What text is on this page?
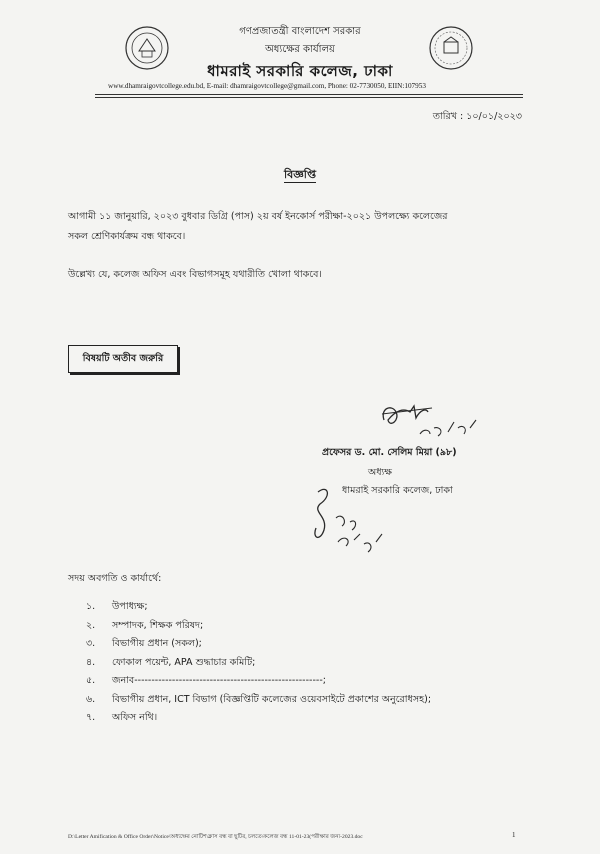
গণপ্রজাতন্ত্রী বাংলাদেশ সরকার
অধ্যক্ষের কার্যালয়
ধামরাই সরকারি কলেজ, ঢাকা
www.dhamraigovtcollege.edu.bd, E-mail: dhamraigovtcollege@gmail.com, Phone: 02-7730050, EIIN:107953
তারিখ : ১০/০১/২০২৩
বিজ্ঞপ্তি
আগামী ১১ জানুয়ারি, ২০২৩ বুধবার ডিগ্রি (পাস) ২য় বর্ষ ইনকোর্স পরীক্ষা-২০২১ উপলক্ষ্যে কলেজের
সকল শ্রেণিকার্যক্রম বন্ধ থাকবে।
উল্লেখ্য যে, কলেজ অফিস এবং বিভাগসমূহ যথারীতি খোলা থাকবে।
বিষয়টি অতীব জরুরি
প্রফেসর ড. মো. সেলিম মিয়া (৯৮)
অধ্যক্ষ
ধামরাই সরকারি কলেজ, ঢাকা
সদয় অবগতি ও কার্যার্থে:
১. উপাধ্যক্ষ;
২. সম্পাদক, শিক্ষক পরিষদ;
৩. বিভাগীয় প্রধান (সকল);
৪. ফোকাল পয়েন্ট, APA শুদ্ধাচার কমিটি;
৫. জনাব-------------------------------------------------------;
৬. বিভাগীয় প্রধান, ICT বিভাগ (বিজ্ঞপ্তিটি কলেজের ওয়েবসাইটে প্রকাশের অনুরোধসহ);
৭. অফিস নথি।
D:\Letter Amification & Office Order\Notice\অধ্যক্ষের নোটিশ\ক্লাস বন্ধ বা ছুটির, চলতে\কলেজ বন্ধ 11-01-23(পরীক্ষার জন্য-2023.doc	1
